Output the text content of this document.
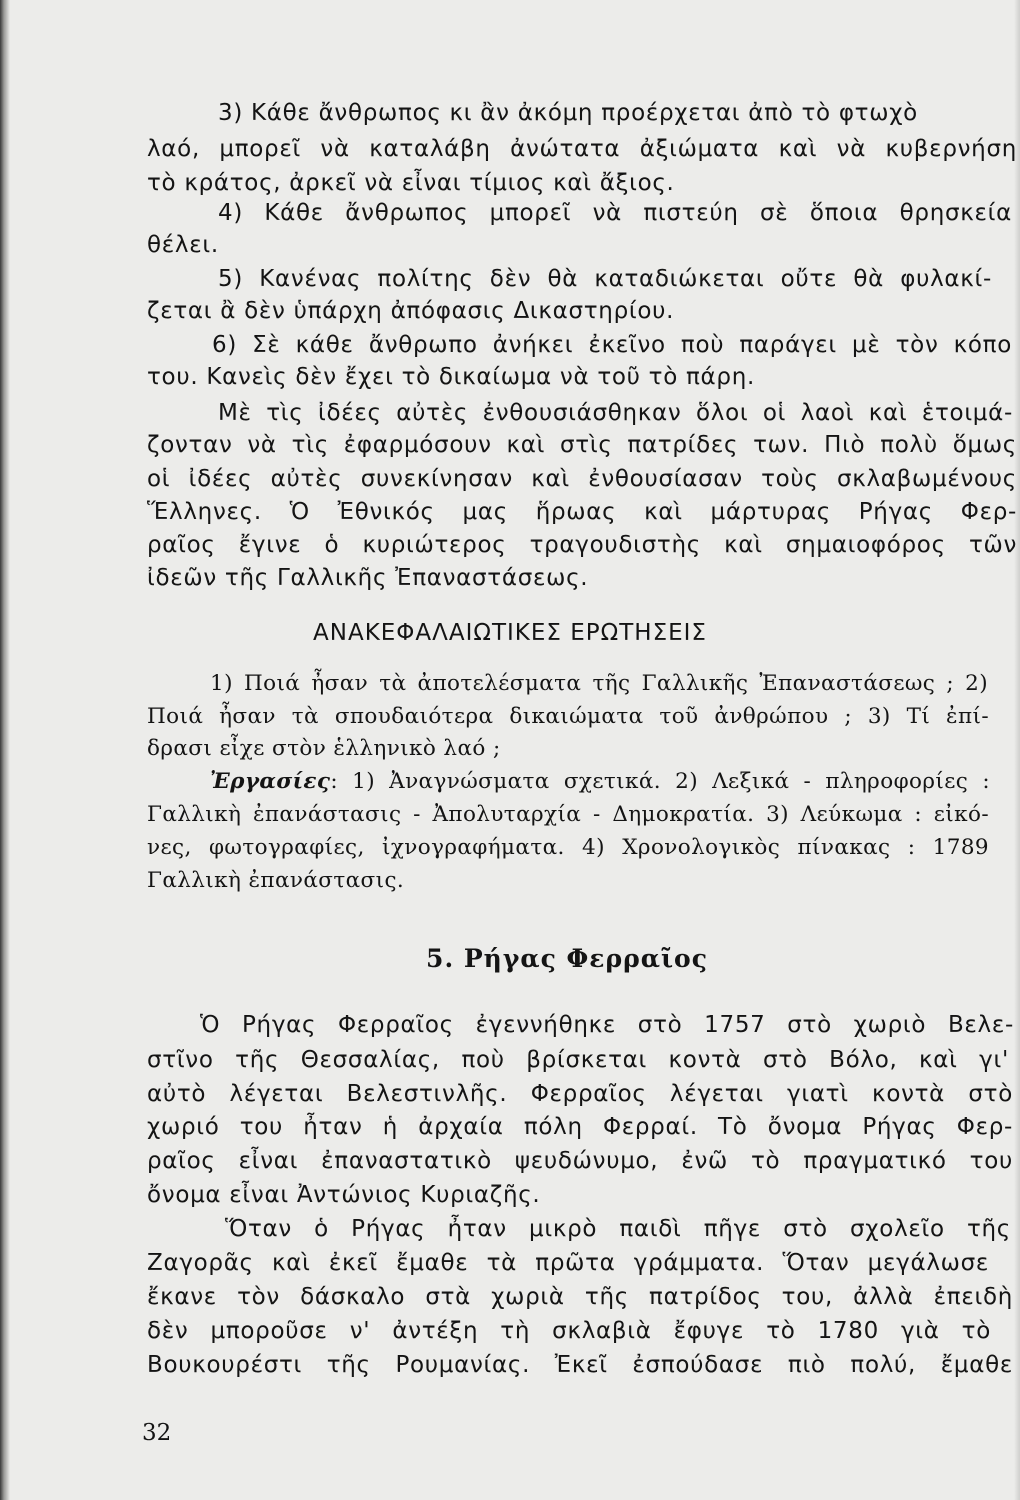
3) Κάθε ἄνθρωπος κι ἂν ἀκόμη προέρχεται ἀπὸ τὸ φτωχὸ
λαό, μπορεῖ νὰ καταλάβη ἀνώτατα ἀξιώματα καὶ νὰ κυβερνήση
τὸ κράτος, ἀρκεῖ νὰ εἶναι τίμιος καὶ ἄξιος.
4) Κάθε ἄνθρωπος μπορεῖ νὰ πιστεύη σὲ ὅποια θρησκεία
θέλει.
5) Κανένας πολίτης δὲν θὰ καταδιώκεται οὔτε θὰ φυλακί-
ζεται ἂ δὲν ὑπάρχη ἀπόφασις Δικαστηρίου.
6) Σὲ κάθε ἄνθρωπο ἀνήκει ἐκεῖνο ποὺ παράγει μὲ τὸν κόπο
του. Κανεὶς δὲν ἔχει τὸ δικαίωμα νὰ τοῦ τὸ πάρη.
Μὲ τὶς ἰδέες αὐτὲς ἐνθουσιάσθηκαν ὅλοι οἱ λαοὶ καὶ ἑτοιμά-
ζονταν νὰ τὶς ἐφαρμόσουν καὶ στὶς πατρίδες των. Πιὸ πολὺ ὅμως
οἱ ἰδέες αὐτὲς συνεκίνησαν καὶ ἐνθουσίασαν τοὺς σκλαβωμένους
Ἕλληνες. Ὁ Ἐθνικός μας ἥρωας καὶ μάρτυρας Ρήγας Φερ-
ραῖος ἔγινε ὁ κυριώτερος τραγουδιστὴς καὶ σημαιοφόρος τῶν
ἰδεῶν τῆς Γαλλικῆς Ἐπαναστάσεως.
ΑΝΑΚΕΦΑΛΑΙΩΤΙΚΕΣ ΕΡΩΤΗΣΕΙΣ
1) Ποιά ἦσαν τὰ ἀποτελέσματα τῆς Γαλλικῆς Ἐπαναστάσεως ; 2)
Ποιά ἦσαν τὰ σπουδαιότερα δικαιώματα τοῦ ἀνθρώπου ; 3) Τί ἐπί-
δρασι εἶχε στὸν ἑλληνικὸ λαό ;
Ἐργασίες: 1) Ἀναγνώσματα σχετικά. 2) Λεξικά - πληροφορίες :
Γαλλικὴ ἐπανάστασις - Ἀπολυταρχία - Δημοκρατία. 3) Λεύκωμα : εἰκό-
νες, φωτογραφίες, ἰχνογραφήματα. 4) Χρονολογικὸς πίνακας : 1789
Γαλλικὴ ἐπανάστασις.
5. Ρήγας Φερραῖος
Ὁ Ρήγας Φερραῖος ἐγεννήθηκε στὸ 1757 στὸ χωριὸ Βελε-
στῖνο τῆς Θεσσαλίας, ποὺ βρίσκεται κοντὰ στὸ Βόλο, καὶ γι'
αὐτὸ λέγεται Βελεστινλῆς. Φερραῖος λέγεται γιατὶ κοντὰ στὸ
χωριό του ἦταν ἡ ἀρχαία πόλη Φερραί. Τὸ ὄνομα Ρήγας Φερ-
ραῖος εἶναι ἐπαναστατικὸ ψευδώνυμο, ἐνῶ τὸ πραγματικό του
ὄνομα εἶναι Ἀντώνιος Κυριαζῆς.
Ὅταν ὁ Ρήγας ἦταν μικρὸ παιδὶ πῆγε στὸ σχολεῖο τῆς
Ζαγορᾶς καὶ ἐκεῖ ἔμαθε τὰ πρῶτα γράμματα. Ὅταν μεγάλωσε
ἔκανε τὸν δάσκαλο στὰ χωριὰ τῆς πατρίδος του, ἀλλὰ ἐπειδὴ
δὲν μποροῦσε ν' ἀντέξη τὴ σκλαβιὰ ἔφυγε τὸ 1780 γιὰ τὸ
Βουκουρέστι τῆς Ρουμανίας. Ἐκεῖ ἐσπούδασε πιὸ πολύ, ἔμαθε
32
